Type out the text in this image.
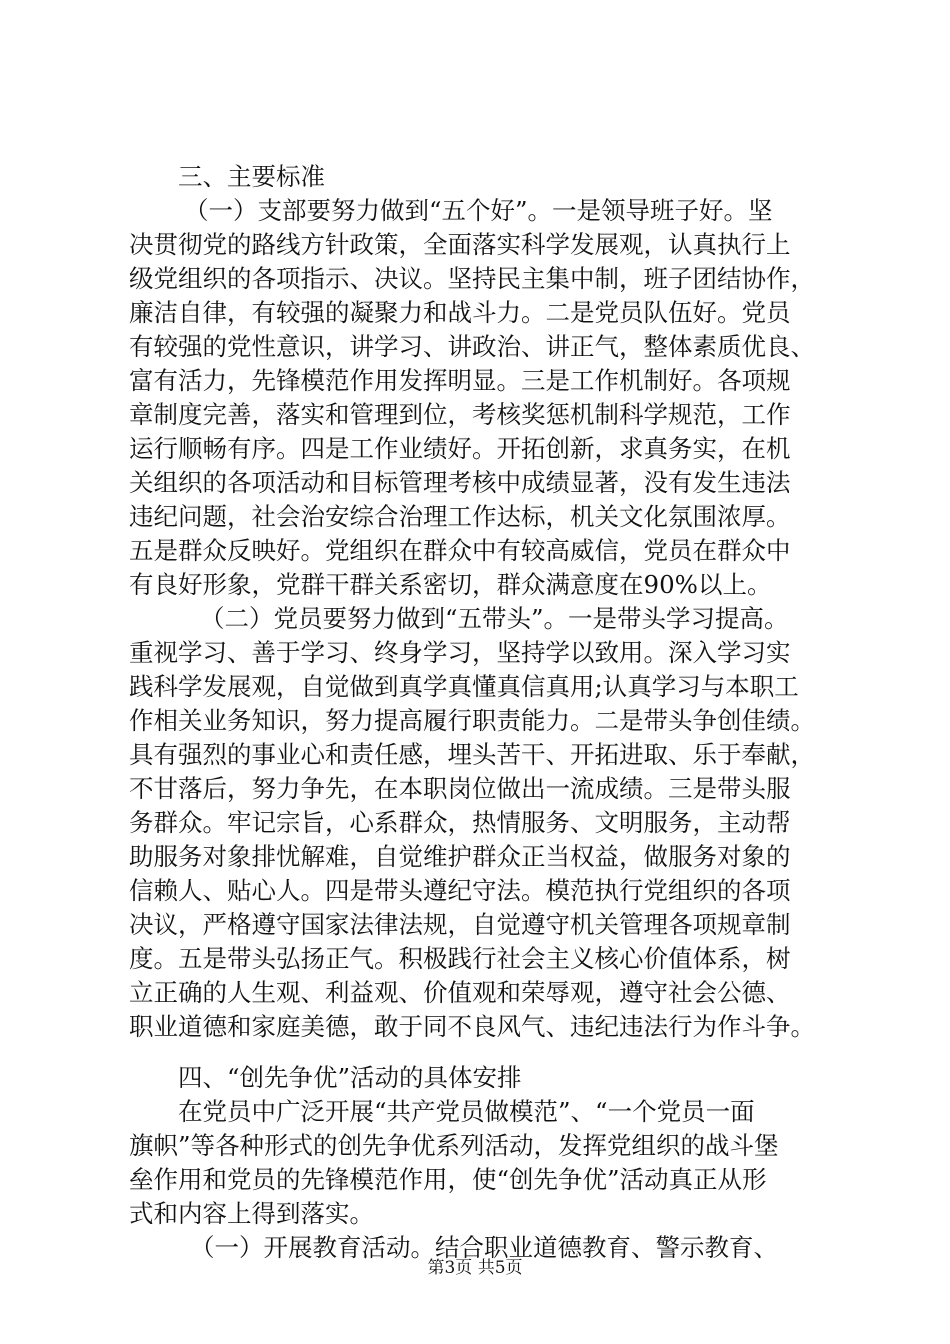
三、主要标准
（一）支部要努力做到“五个好”。一是领导班子好。坚
决贯彻党的路线方针政策，全面落实科学发展观，认真执行上
级党组织的各项指示、决议。坚持民主集中制，班子团结协作，
廉洁自律，有较强的凝聚力和战斗力。二是党员队伍好。党员
有较强的党性意识，讲学习、讲政治、讲正气，整体素质优良、
富有活力，先锋模范作用发挥明显。三是工作机制好。各项规
章制度完善，落实和管理到位，考核奖惩机制科学规范，工作
运行顺畅有序。四是工作业绩好。开拓创新，求真务实，在机
关组织的各项活动和目标管理考核中成绩显著，没有发生违法
违纪问题，社会治安综合治理工作达标，机关文化氛围浓厚。
五是群众反映好。党组织在群众中有较高威信，党员在群众中
有良好形象，党群干群关系密切，群众满意度在90%以上。
（二）党员要努力做到“五带头”。一是带头学习提高。
重视学习、善于学习、终身学习，坚持学以致用。深入学习实
践科学发展观，自觉做到真学真懂真信真用;认真学习与本职工
作相关业务知识，努力提高履行职责能力。二是带头争创佳绩。
具有强烈的事业心和责任感，埋头苦干、开拓进取、乐于奉献，
不甘落后，努力争先，在本职岗位做出一流成绩。三是带头服
务群众。牢记宗旨，心系群众，热情服务、文明服务，主动帮
助服务对象排忧解难，自觉维护群众正当权益，做服务对象的
信赖人、贴心人。四是带头遵纪守法。模范执行党组织的各项
决议，严格遵守国家法律法规，自觉遵守机关管理各项规章制
度。五是带头弘扬正气。积极践行社会主义核心价值体系，树
立正确的人生观、利益观、价值观和荣辱观，遵守社会公德、
职业道德和家庭美德，敢于同不良风气、违纪违法行为作斗争。
四、“创先争优”活动的具体安排
在党员中广泛开展“共产党员做模范”、“一个党员一面
旗帜”等各种形式的创先争优系列活动，发挥党组织的战斗堡
垒作用和党员的先锋模范作用，使“创先争优”活动真正从形
式和内容上得到落实。
（一）开展教育活动。结合职业道德教育、警示教育、
第3页 共5页
